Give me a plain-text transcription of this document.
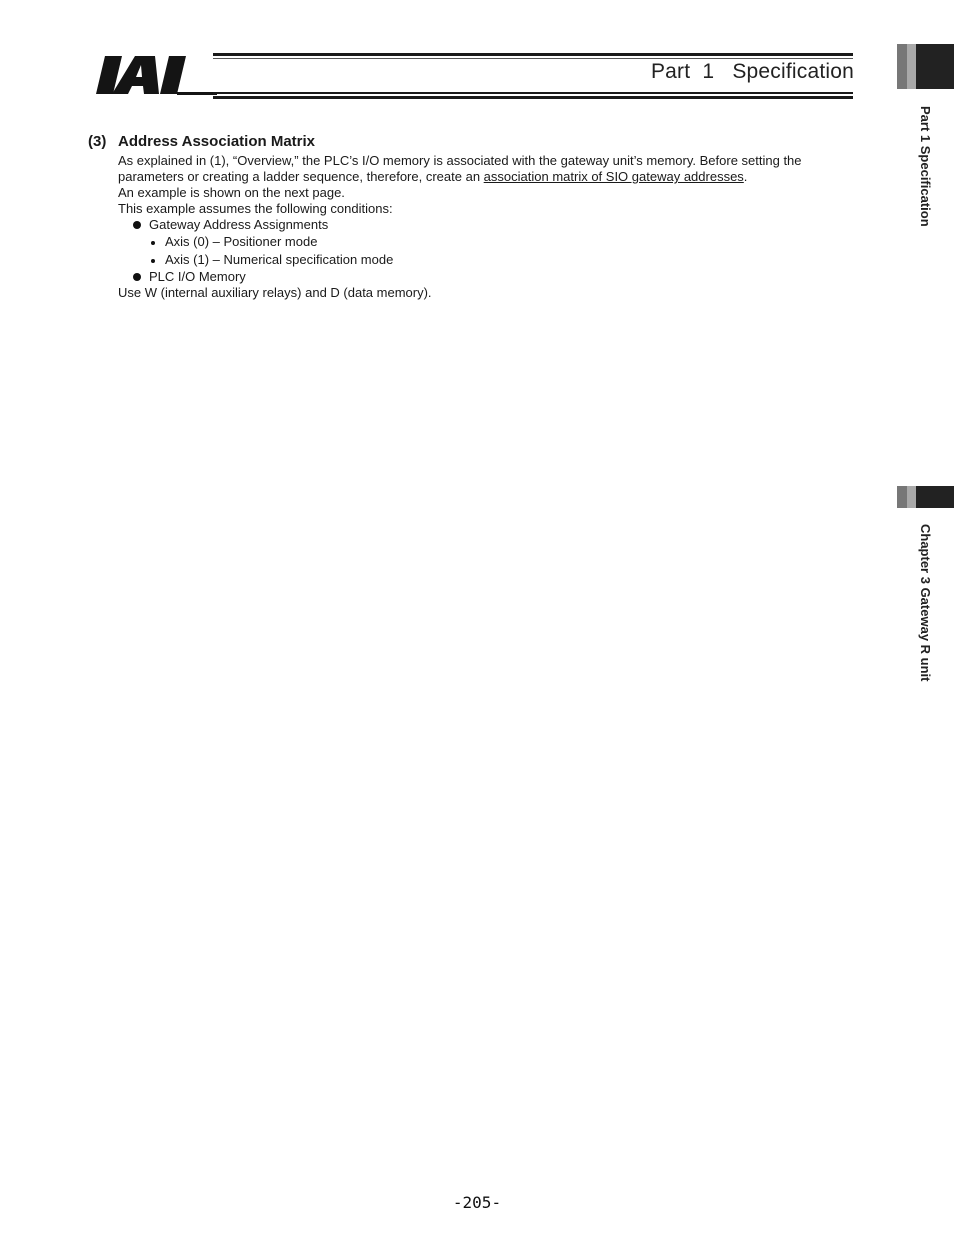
Part  1   Specification
Part 1 Specification
Chapter 3 Gateway R unit
(3) Address Association Matrix

As explained in (1), “Overview,” the PLC’s I/O memory is associated with the gateway unit’s memory. Before setting the

parameters or creating a ladder sequence, therefore, create an association matrix of SIO gateway addresses.

An example is shown on the next page.

This example assumes the following conditions:

Gateway Address Assignments
Axis (0) – Positioner mode
Axis (1) – Numerical specification mode
PLC I/O Memory

Use W (internal auxiliary relays) and D (data memory).

-205-
